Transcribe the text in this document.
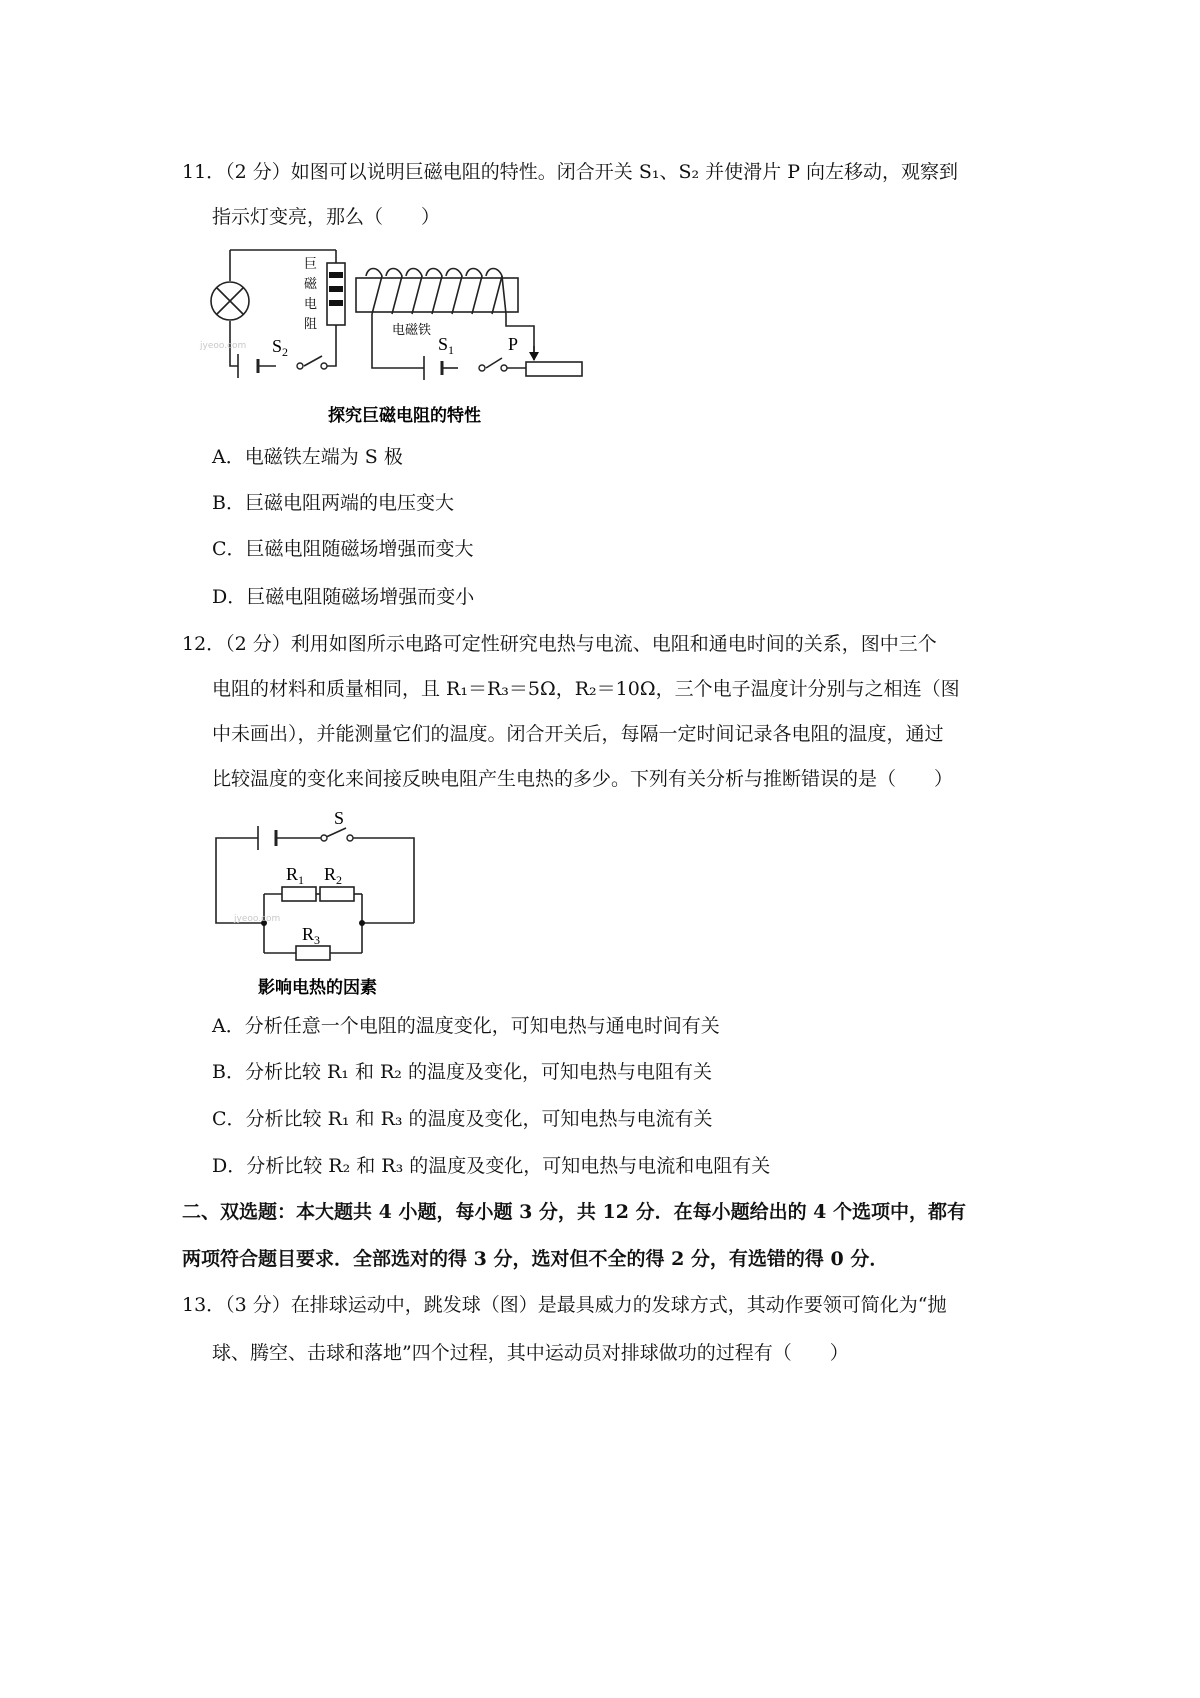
11．（2 分）如图可以说明巨磁电阻的特性。闭合开关 S₁、S₂ 并使滑片 P 向左移动，观察到
指示灯变亮，那么（　　）
巨
磁
电
阻	电磁铁
$S_2$	$S_1$	P
jyeoo.com
探究巨磁电阻的特性
A．电磁铁左端为 S 极
B．巨磁电阻两端的电压变大
C．巨磁电阻随磁场增强而变大
D．巨磁电阻随磁场增强而变小
12．（2 分）利用如图所示电路可定性研究电热与电流、电阻和通电时间的关系，图中三个
电阻的材料和质量相同，且 R₁＝R₃＝5Ω，R₂＝10Ω，三个电子温度计分别与之相连（图
中未画出），并能测量它们的温度。闭合开关后，每隔一定时间记录各电阻的温度，通过
比较温度的变化来间接反映电阻产生电热的多少。下列有关分析与推断错误的是（　　）
S
$R_1$ $R_2$
$R_3$
jyeoo.com
影响电热的因素
A．分析任意一个电阻的温度变化，可知电热与通电时间有关
B．分析比较 R₁ 和 R₂ 的温度及变化，可知电热与电阻有关
C．分析比较 R₁ 和 R₃ 的温度及变化，可知电热与电流有关
D．分析比较 R₂ 和 R₃ 的温度及变化，可知电热与电流和电阻有关
二、双选题：本大题共 4 小题，每小题 3 分，共 12 分．在每小题给出的 4 个选项中，都有
两项符合题目要求．全部选对的得 3 分，选对但不全的得 2 分，有选错的得 0 分．
13．（3 分）在排球运动中，跳发球（图）是最具威力的发球方式，其动作要领可简化为“抛
球、腾空、击球和落地”四个过程，其中运动员对排球做功的过程有（　　）
